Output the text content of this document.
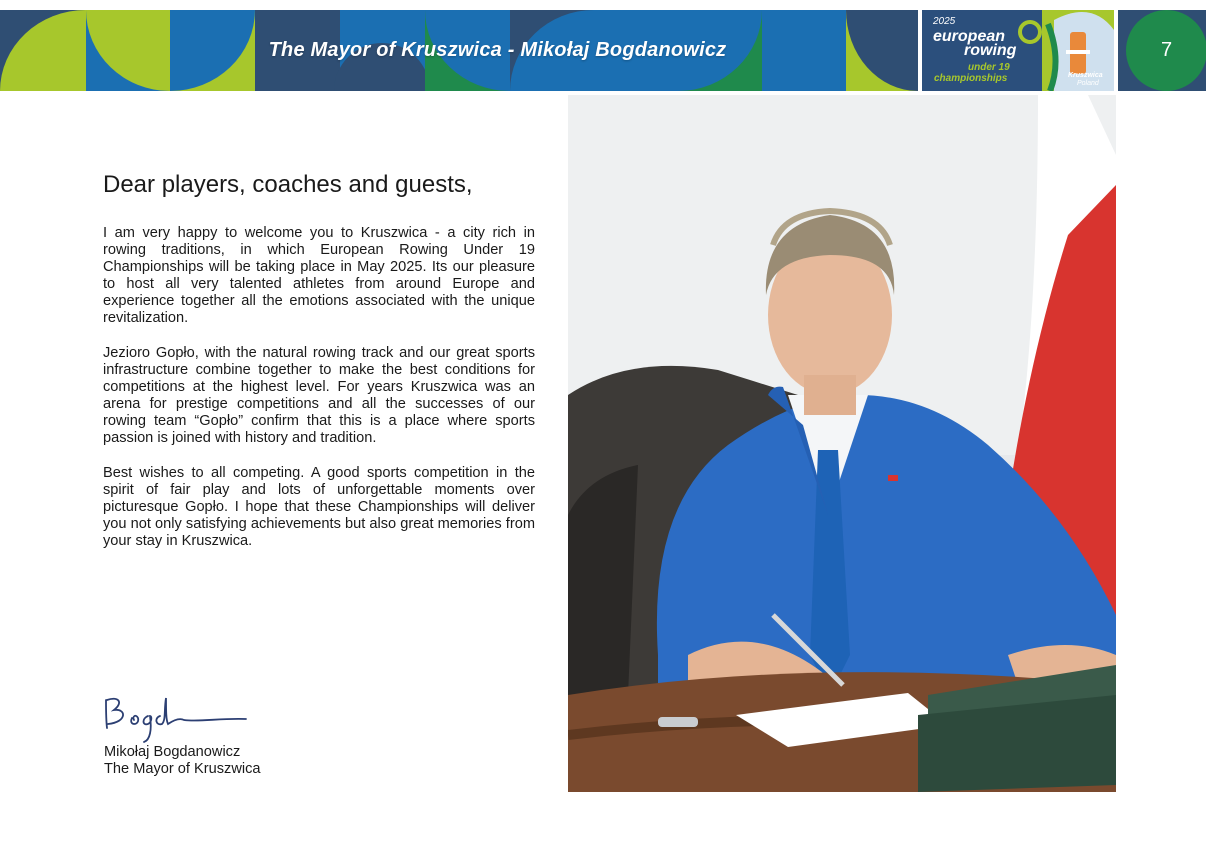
The Mayor of Kruszwica - Mikołaj Bogdanowicz
2025
european
rowing
under 19
championships	Kruszwica
Poland
7
Dear players, coaches and guests,

I am very happy to welcome you to Kruszwica - a city rich in rowing traditions, in which European Rowing Under 19 Championships will be taking place in May 2025. Its our pleasure to host all very talented athletes from around Europe and experience together all the emotions associated with the unique revitalization.

Jezioro Gopło, with the natural rowing track and our great sports infrastructure combine together to make the best conditions for competitions at the highest level. For years Kruszwica was an arena for prestige competitions and all the successes of our rowing team “Gopło” confirm that this is a place where sports passion is joined with history and tradition.

Best wishes to all competing. A good sports competition in the spirit of fair play and lots of unforgettable moments over picturesque Gopło. I hope that these Championships will deliver you not only satisfying achievements but also great memories from your stay in Kruszwica.

Mikołaj Bogdanowicz
The Mayor of Kruszwica
